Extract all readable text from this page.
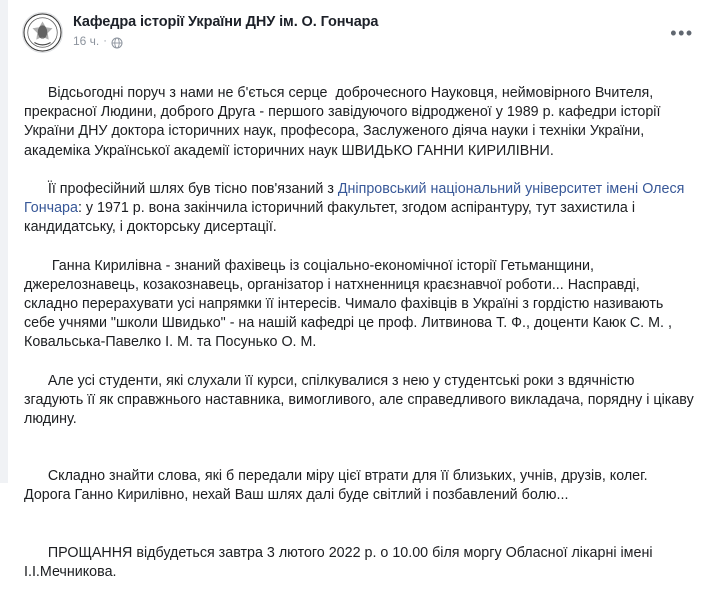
Кафедра історії України ДНУ ім. О. Гончара
16 ч. ·	•••

Відсьогодні поруч з нами не б'ється серце  доброчесного Науковця, неймовірного Вчителя, прекрасної Людини, доброго Друга - першого завідуючого відродженої у 1989 р. кафедри історії України ДНУ доктора історичних наук, професора, Заслуженого діяча науки і техніки України, академіка Української академії історичних наук ШВИДЬКО ГАННИ КИРИЛІВНИ.

Її професійний шлях був тісно пов'язаний з Дніпровський національний університет імені Олеся Гончара: у 1971 р. вона закінчила історичний факультет, згодом аспірантуру, тут захистила і кандидатську, і докторську дисертації.

Ганна Кирилівна - знаний фахівець із соціально-економічної історії Гетьманщини, джерелознавець, козакознавець, організатор і натхненниця краєзнавчої роботи... Насправді, складно перерахувати усі напрямки її інтересів. Чимало фахівців в Україні з гордістю називають себе учнями "школи Швидько" - на нашій кафедрі це проф. Литвинова Т. Ф., доценти Каюк С. М. , Ковальська-Павелко І. М. та Посунько О. М.

Але усі студенти, які слухали її курси, спілкувалися з нею у студентські роки з вдячністю згадують її як справжнього наставника, вимогливого, але справедливого викладача, порядну і цікаву людину.

Складно знайти слова, які б передали міру цієї втрати для її близьких, учнів, друзів, колег. Дорога Ганно Кирилівно, нехай Ваш шлях далі буде світлий і позбавлений болю...

ПРОЩАННЯ відбудеться завтра 3 лютого 2022 р. о 10.00 біля моргу Обласної лікарні імені І.І.Мечникова.
